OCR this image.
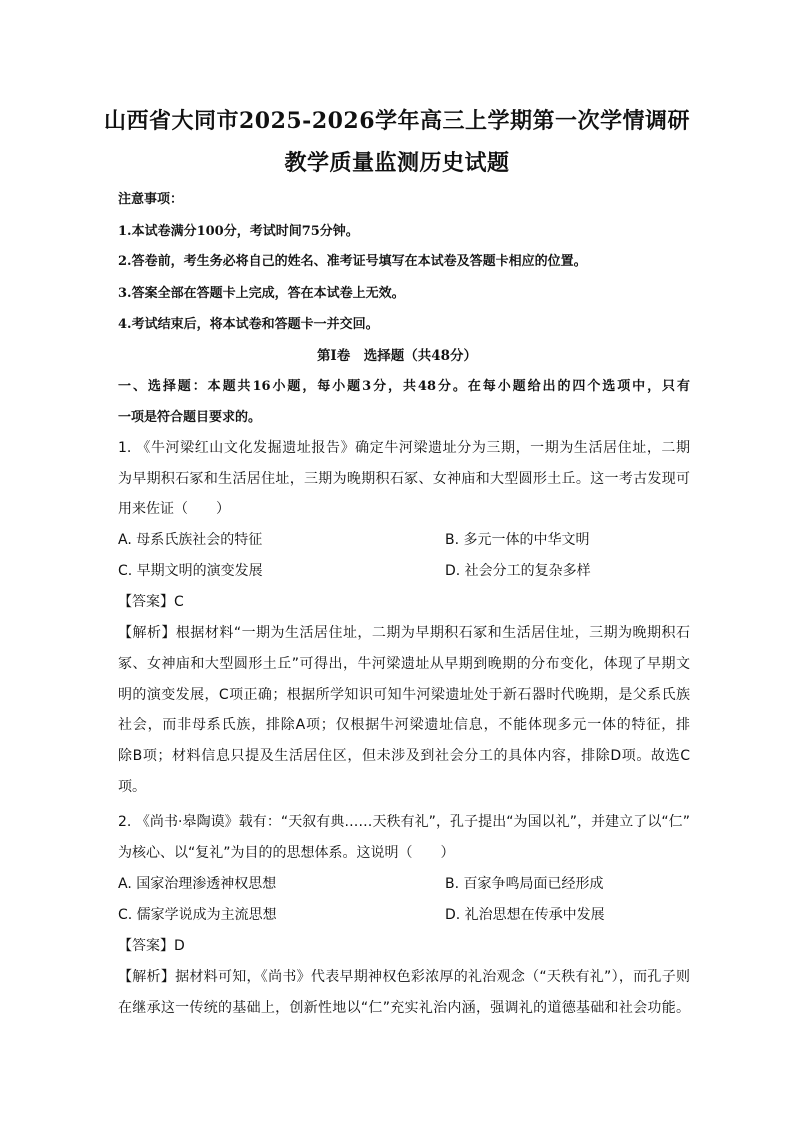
山西省大同市2025-2026学年高三上学期第一次学情调研
教学质量监测历史试题
注意事项：
1.本试卷满分100分，考试时间75分钟。
2.答卷前，考生务必将自己的姓名、准考证号填写在本试卷及答题卡相应的位置。
3.答案全部在答题卡上完成，答在本试卷上无效。
4.考试结束后，将本试卷和答题卡一并交回。
第Ⅰ卷　选择题（共48分）
一、选择题：本题共16小题，每小题3分，共48分。在每小题给出的四个选项中，只有
一项是符合题目要求的。
1. 《牛河梁红山文化发掘遗址报告》确定牛河梁遗址分为三期，一期为生活居住址，二期
为早期积石冢和生活居住址，三期为晚期积石冢、女神庙和大型圆形土丘。这一考古发现可
用来佐证（　　）
A. 母系氏族社会的特征	B. 多元一体的中华文明
C. 早期文明的演变发展	D. 社会分工的复杂多样
【答案】C
【解析】根据材料“一期为生活居住址，二期为早期积石冢和生活居住址，三期为晚期积石
冢、女神庙和大型圆形土丘”可得出，牛河梁遗址从早期到晚期的分布变化，体现了早期文
明的演变发展，C项正确；根据所学知识可知牛河梁遗址处于新石器时代晚期，是父系氏族
社会，而非母系氏族，排除A项；仅根据牛河梁遗址信息，不能体现多元一体的特征，排
除B项；材料信息只提及生活居住区，但未涉及到社会分工的具体内容，排除D项。故选C
项。
2. 《尚书·皋陶谟》载有：“天叙有典……天秩有礼”，孔子提出“为国以礼”，并建立了以“仁”
为核心、以“复礼”为目的的思想体系。这说明（　　）
A. 国家治理渗透神权思想	B. 百家争鸣局面已经形成
C. 儒家学说成为主流思想	D. 礼治思想在传承中发展
【答案】D
【解析】据材料可知，《尚书》代表早期神权色彩浓厚的礼治观念（“天秩有礼”），而孔子则
在继承这一传统的基础上，创新性地以“仁”充实礼治内涵，强调礼的道德基础和社会功能。
